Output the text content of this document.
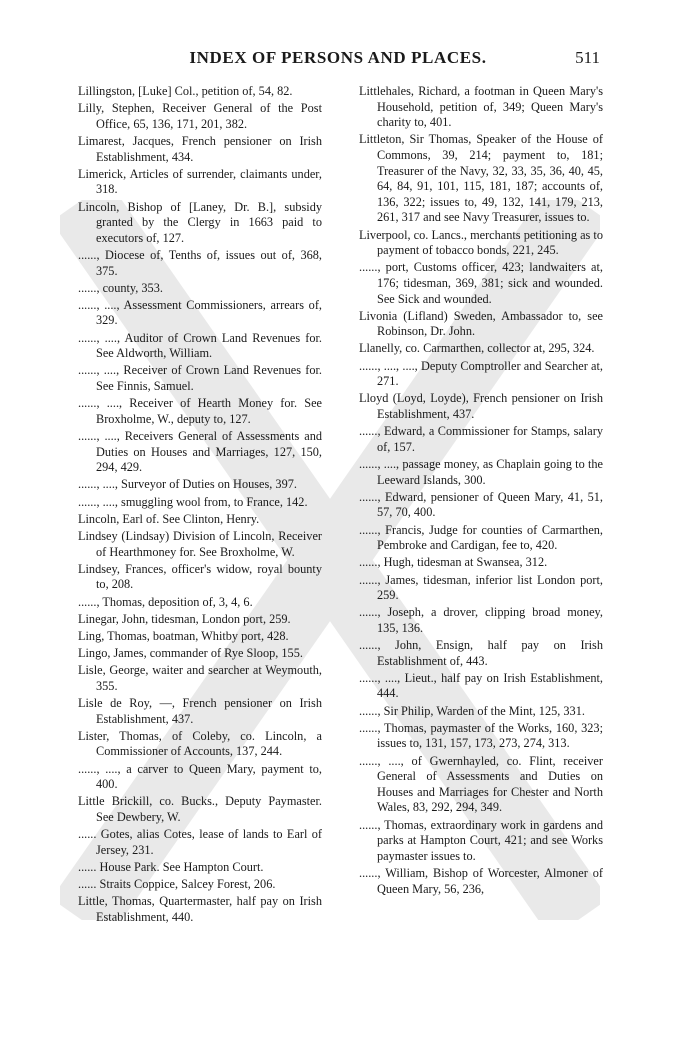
INDEX OF PERSONS AND PLACES.	511

Lillingston, [Luke] Col., petition of, 54, 82.

Lilly, Stephen, Receiver General of the Post Office, 65, 136, 171, 201, 382.

Limarest, Jacques, French pensioner on Irish Establishment, 434.

Limerick, Articles of surrender, claimants under, 318.

Lincoln, Bishop of [Laney, Dr. B.], subsidy granted by the Clergy in 1663 paid to executors of, 127.

......, Diocese of, Tenths of, issues out of, 368, 375.

......, county, 353.

......, ...., Assessment Commissioners, arrears of, 329.

......, ...., Auditor of Crown Land Revenues for. See Aldworth, William.

......, ...., Receiver of Crown Land Revenues for. See Finnis, Samuel.

......, ...., Receiver of Hearth Money for. See Broxholme, W., deputy to, 127.

......, ...., Receivers General of Assessments and Duties on Houses and Marriages, 127, 150, 294, 429.

......, ...., Surveyor of Duties on Houses, 397.

......, ...., smuggling wool from, to France, 142.

Lincoln, Earl of. See Clinton, Henry.

Lindsey (Lindsay) Division of Lincoln, Receiver of Hearthmoney for. See Broxholme, W.

Lindsey, Frances, officer's widow, royal bounty to, 208.

......, Thomas, deposition of, 3, 4, 6.

Linegar, John, tidesman, London port, 259.

Ling, Thomas, boatman, Whitby port, 428.

Lingo, James, commander of Rye Sloop, 155.

Lisle, George, waiter and searcher at Weymouth, 355.

Lisle de Roy, —, French pensioner on Irish Establishment, 437.

Lister, Thomas, of Coleby, co. Lincoln, a Commissioner of Accounts, 137, 244.

......, ...., a carver to Queen Mary, payment to, 400.

Little Brickill, co. Bucks., Deputy Paymaster. See Dewbery, W.

...... Gotes, alias Cotes, lease of lands to Earl of Jersey, 231.

...... House Park. See Hampton Court.

...... Straits Coppice, Salcey Forest, 206.

Little, Thomas, Quartermaster, half pay on Irish Establishment, 440.

Littlehales, Richard, a footman in Queen Mary's Household, petition of, 349; Queen Mary's charity to, 401.

Littleton, Sir Thomas, Speaker of the House of Commons, 39, 214; payment to, 181; Treasurer of the Navy, 32, 33, 35, 36, 40, 45, 64, 84, 91, 101, 115, 181, 187; accounts of, 136, 322; issues to, 49, 132, 141, 179, 213, 261, 317 and see Navy Treasurer, issues to.

Liverpool, co. Lancs., merchants petitioning as to payment of tobacco bonds, 221, 245.

......, port, Customs officer, 423; landwaiters at, 176; tidesman, 369, 381; sick and wounded. See Sick and wounded.

Livonia (Lifland) Sweden, Ambassador to, see Robinson, Dr. John.

Llanelly, co. Carmarthen, collector at, 295, 324.

......, ...., ...., Deputy Comptroller and Searcher at, 271.

Lloyd (Loyd, Loyde), French pensioner on Irish Establishment, 437.

......, Edward, a Commissioner for Stamps, salary of, 157.

......, ...., passage money, as Chaplain going to the Leeward Islands, 300.

......, Edward, pensioner of Queen Mary, 41, 51, 57, 70, 400.

......, Francis, Judge for counties of Carmarthen, Pembroke and Cardigan, fee to, 420.

......, Hugh, tidesman at Swansea, 312.

......, James, tidesman, inferior list London port, 259.

......, Joseph, a drover, clipping broad money, 135, 136.

......, John, Ensign, half pay on Irish Establishment of, 443.

......, ...., Lieut., half pay on Irish Establishment, 444.

......, Sir Philip, Warden of the Mint, 125, 331.

......, Thomas, paymaster of the Works, 160, 323; issues to, 131, 157, 173, 273, 274, 313.

......, ...., of Gwernhayled, co. Flint, receiver General of Assessments and Duties on Houses and Marriages for Chester and North Wales, 83, 292, 294, 349.

......, Thomas, extraordinary work in gardens and parks at Hampton Court, 421; and see Works paymaster issues to.

......, William, Bishop of Worcester, Almoner of Queen Mary, 56, 236,
